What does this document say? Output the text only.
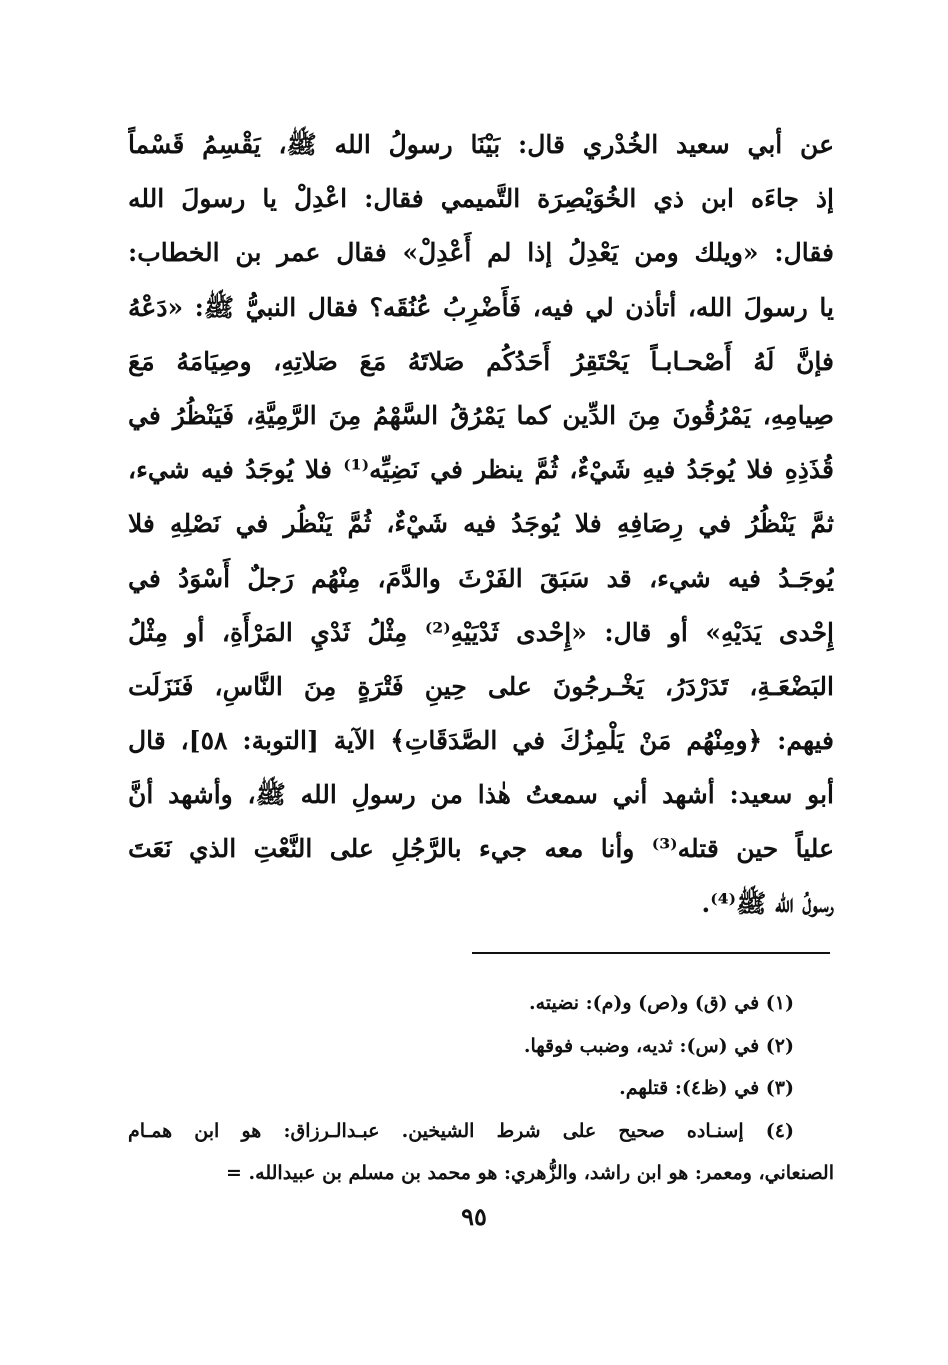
عن أبي سعيد الخُدْري قال: بَيْنَا رسولُ الله ﷺ، يَقْسِمُ قَسْماً
إذ جاءَه ابن ذي الخُوَيْصِرَة التَّميمي فقال: اعْدِلْ يا رسولَ الله
فقال: «ويلك ومن يَعْدِلُ إذا لم أَعْدِلْ» فقال عمر بن الخطاب:
يا رسولَ الله، أتأذن لي فيه، فَأَضْرِبُ عُنُقَه؟ فقال النبيُّ ﷺ: «دَعْهُ
فإنَّ لَهُ أَصْحـابـاً يَحْتَقِرُ أَحَدُكُم صَلاتَهُ مَعَ صَلاتِهِ، وصِيَامَهُ مَعَ
صِيامِهِ، يَمْرُقُونَ مِنَ الدِّين كما يَمْرُقُ السَّهْمُ مِنَ الرَّمِيَّةِ، فَيَنْظُرُ في
قُذَذِهِ فلا يُوجَدُ فيهِ شَيْءٌ، ثُمَّ ينظر في نَضِيِّه⁽¹⁾ فلا يُوجَدُ فيه شيء،
ثمَّ يَنْظُرُ في رِصَافِهِ فلا يُوجَدُ فيه شَيْءٌ، ثُمَّ يَنْظُر في نَصْلِهِ فلا
يُوجَـدُ فيه شيء، قد سَبَقَ الفَرْثَ والدَّمَ، مِنْهُم رَجلٌ أَسْوَدُ في
إِحْدى يَدَيْهِ» أو قال: «إِحْدى ثَدْيَيْهِ⁽²⁾ مِثْلُ ثَدْيِ المَرْأَةِ، أو مِثْلُ
البَضْعَـةِ، تَدَرْدَرُ، يَخْـرجُونَ على حِينِ فَتْرَةٍ مِنَ النَّاسِ، فَنَزَلَت
فيهم: ﴿ومِنْهُم مَنْ يَلْمِزُكَ في الصَّدَقَاتِ﴾ الآية [التوبة: ٥٨]، قال
أبو سعيد: أشهد أني سمعتُ هٰذا من رسولِ الله ﷺ، وأشهد أنَّ
علياً حين قتله⁽³⁾ وأنا معه جيء بالرَّجُلِ على النَّعْتِ الذي نَعَتَ
رسولُ الله ﷺ⁽⁴⁾.
(١) في (ق) و(ص) و(م): نضيته.
(٢) في (س): ثديه، وضبب فوقها.
(٣) في (ظ٤): قتلهم.
(٤) إسنـاده صحيح على شرط الشيخين. عبـدالـرزاق: هو ابن همـام
الصنعاني، ومعمر: هو ابن راشد، والزُّهري: هو محمد بن مسلم بن عبيدالله. =
٩٥
